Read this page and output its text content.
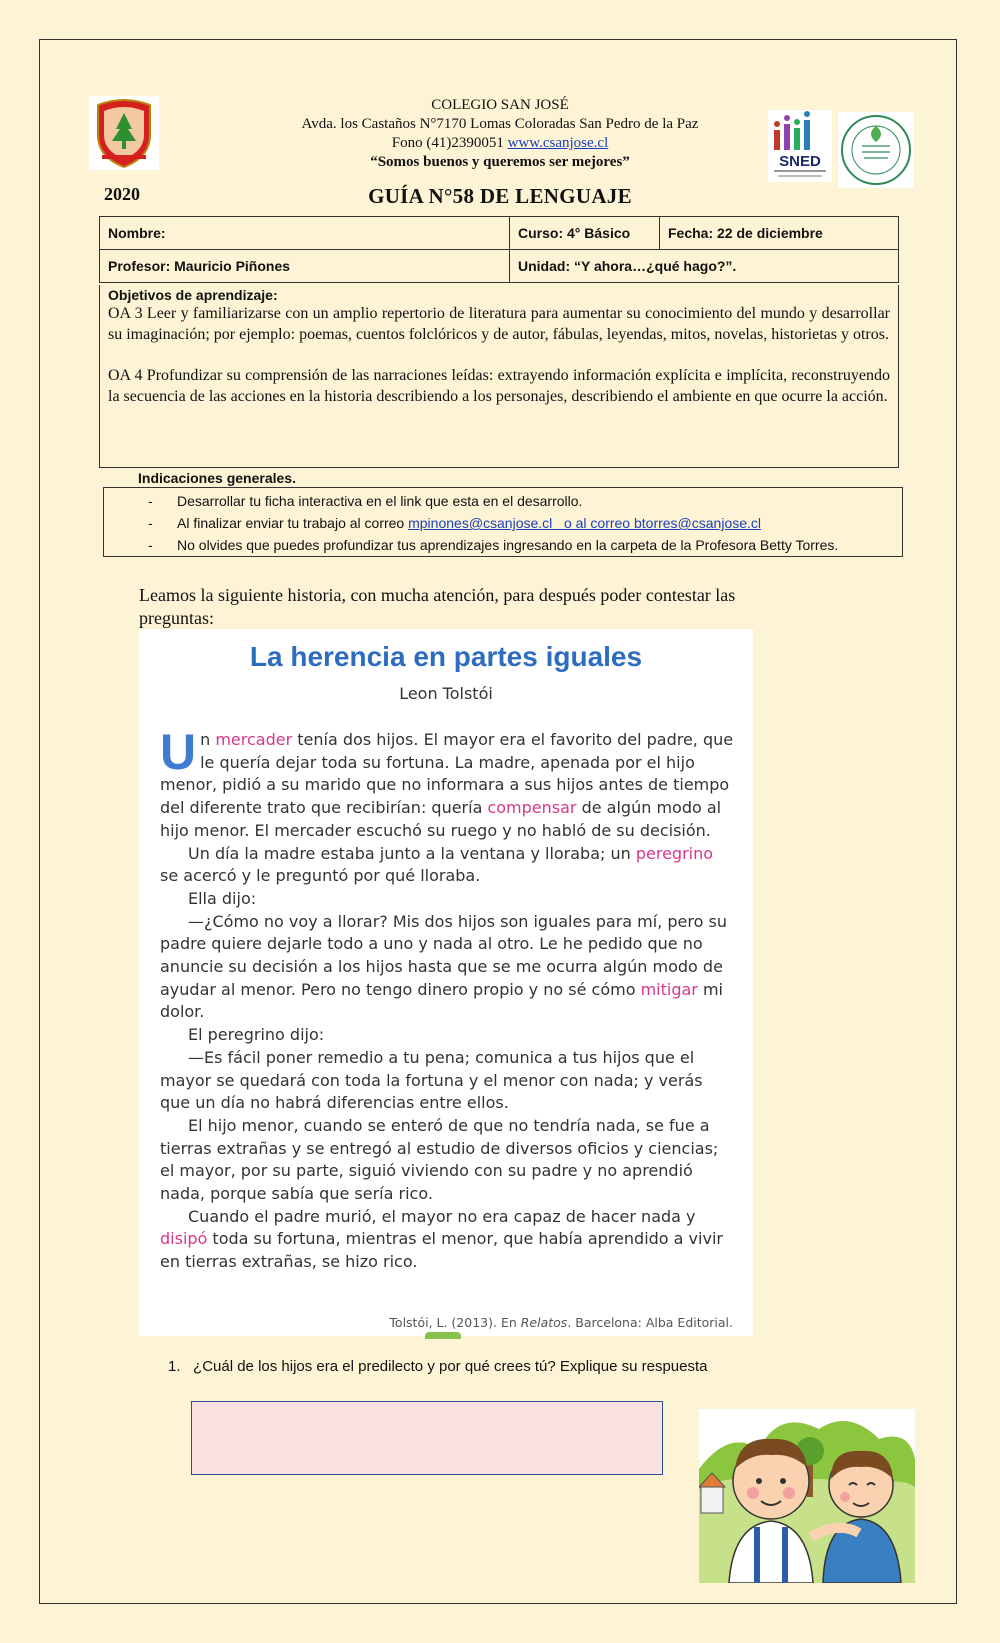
COLEGIO SAN JOSÉ
Avda. los Castaños N°7170 Lomas Coloradas San Pedro de la Paz
Fono (41)2390051 www.csanjose.cl
“Somos buenos y queremos ser mejores”	SNED
2020	GUÍA N°58 DE LENGUAJE
Nombre:	Curso: 4° Básico	Fecha: 22 de diciembre
Profesor: Mauricio Piñones	Unidad: “Y ahora…¿qué hago?”.	
Objetivos de aprendizaje:

OA 3 Leer y familiarizarse con un amplio repertorio de literatura para aumentar su conocimiento del mundo y desarrollar su imaginación; por ejemplo: poemas, cuentos folclóricos y de autor, fábulas, leyendas, mitos, novelas, historietas y otros.

OA 4 Profundizar su comprensión de las narraciones leídas: extrayendo información explícita e implícita, reconstruyendo la secuencia de las acciones en la historia describiendo a los personajes, describiendo el ambiente en que ocurre la acción.

Indicaciones generales.
- Desarrollar tu ficha interactiva en el link que esta en el desarrollo.
- Al finalizar enviar tu trabajo al correo mpinones@csanjose.cl   o al correo btorres@csanjose.cl
- No olvides que puedes profundizar tus aprendizajes ingresando en la carpeta de la Profesora Betty Torres.
Leamos la siguiente historia, con mucha atención, para después poder contestar las preguntas:
La herencia en partes iguales
Leon Tolstói

Un mercader tenía dos hijos. El mayor era el favorito del padre, que le quería dejar toda su fortuna. La madre, apenada por el hijo menor, pidió a su marido que no informara a sus hijos antes de tiempo del diferente trato que recibirían: quería compensar de algún modo al hijo menor. El mercader escuchó su ruego y no habló de su decisión.

Un día la madre estaba junto a la ventana y lloraba; un peregrino se acercó y le preguntó por qué lloraba.

Ella dijo:

—¿Cómo no voy a llorar? Mis dos hijos son iguales para mí, pero su padre quiere dejarle todo a uno y nada al otro. Le he pedido que no anuncie su decisión a los hijos hasta que se me ocurra algún modo de ayudar al menor. Pero no tengo dinero propio y no sé cómo mitigar mi dolor.

El peregrino dijo:

—Es fácil poner remedio a tu pena; comunica a tus hijos que el mayor se quedará con toda la fortuna y el menor con nada; y verás que un día no habrá diferencias entre ellos.

El hijo menor, cuando se enteró de que no tendría nada, se fue a tierras extrañas y se entregó al estudio de diversos oficios y ciencias; el mayor, por su parte, siguió viviendo con su padre y no aprendió nada, porque sabía que sería rico.

Cuando el padre murió, el mayor no era capaz de hacer nada y disipó toda su fortuna, mientras el menor, que había aprendido a vivir en tierras extrañas, se hizo rico.

Tolstói, L. (2013). En Relatos. Barcelona: Alba Editorial.
1. ¿Cuál de los hijos era el predilecto y por qué crees tú? Explique su respuesta
